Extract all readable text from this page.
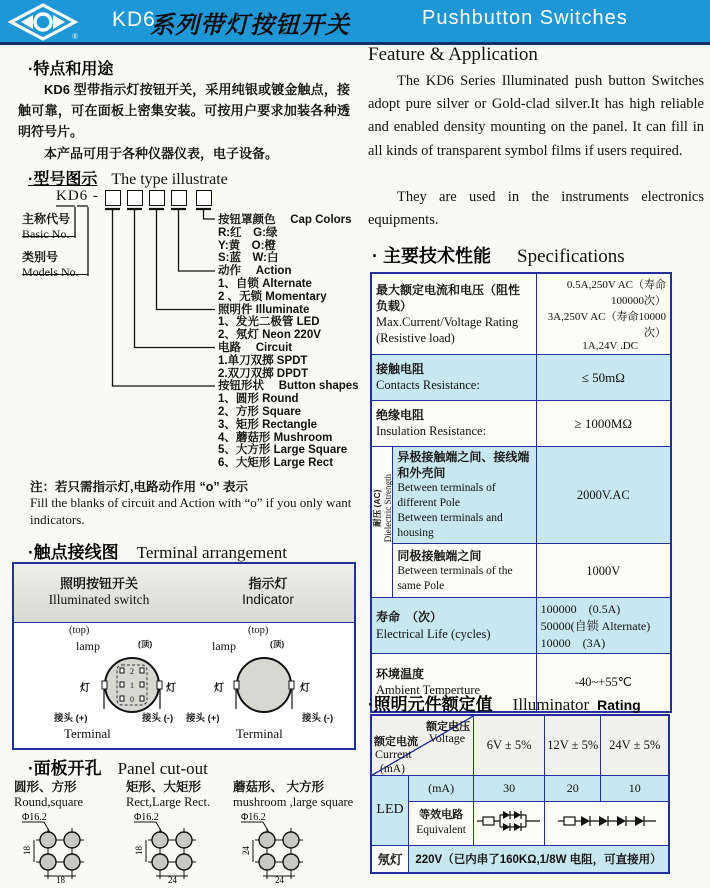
®
KD6
系列带灯按钮开关	Pushbutton Switches
·特点和用途
KD6 型带指示灯按钮开关，采用纯银或镀金触点，接触可靠，可在面板上密集安装。可按用户要求加装各种透明符号片。
本产品可用于各种仪器仪表，电子设备。
·型号图示 The type illustrate
KD6 -
主称代号
Basic No.
类别号
Models No.
按钮罩颜色　 Cap Colors
R:红　G:绿
Y:黄　O:橙
S:蓝　W:白
动作　 Action
1、自锁 Alternate
2 、无锁 Momentary
照明件 Illuminate
1、发光二极管 LED
2、氖灯 Neon 220V
电路　 Circuit
1.单刀双掷 SPDT
2.双刀双掷 DPDT
按钮形状　 Button shapes
1、圆形 Round
2、方形 Square
3、矩形 Rectangle
4、蘑菇形 Mushroom
5、大方形 Large Square
6、大矩形 Large Rect
注：若只需指示灯,电路动作用 “o” 表示
Fill the blanks of circuit and Action with “o” if you only want
indicators.
·触点接线图 Terminal arrangement
照明按钮开关
Illuminated switch
指示灯
Indicator
2
1
0
(top)
lamp	(顶)
灯	灯
接头 (+)	接头 (-)
Terminal
(top)
lamp	(顶)
灯	灯
接头 (+)	接头 (-)
Terminal
·面板开孔 Panel cut-out
圆形、方形
Round,square
Φ16.2
18
18
矩形、大矩形
Rect,Large Rect.
Φ16.2
18
24
蘑菇形、 大方形
mushroom ,large square
Φ16.2
24
24
Feature & Application
The KD6 Series Illuminated push button Switches adopt pure silver or Gold-clad silver.It has high reliable and enabled density mounting on the panel. It can fill in all kinds of transparent symbol films if users required.
They are used in the instruments electronics equipments.
· 主要技术性能 Specifications
最大额定电流和电压（阻性负载）
Max.Current/Voltage Rating
(Resistive load)

0.5A,250V AC（寿命100000次）
3A,250V AC（寿命10000次）
1A,24V .DC

接触电阻
Contacts Resistance:		≤ 50mΩ

绝缘电阻
Insulation Resistance:		≥ 1000MΩ

耐压 (AC)
Dielectric Strength

异极接触端之间、接线端和外壳间
Between terminals of different Pole
Between terminals and housing
	2000V.AC

	同极接触端之间
Between terminals of the same Pole	1000V

寿命　（次）
Electrical Life (cycles)

100000　(0.5A)
50000(自锁 Alternate)
10000　(3A)

环境温度
Ambient Temperture		-40~+55℃
·照明元件额定值 Illuminator Rating
额定电压
Voltage
额定电流
Current
(mA)		6V ± 5%	12V ± 5%	24V ± 5%
LED	(mA)	30	20	10

	等效电路
Equivalent

氖灯	220V（已内串了160KΩ,1/8W 电阻，可直接用）			
